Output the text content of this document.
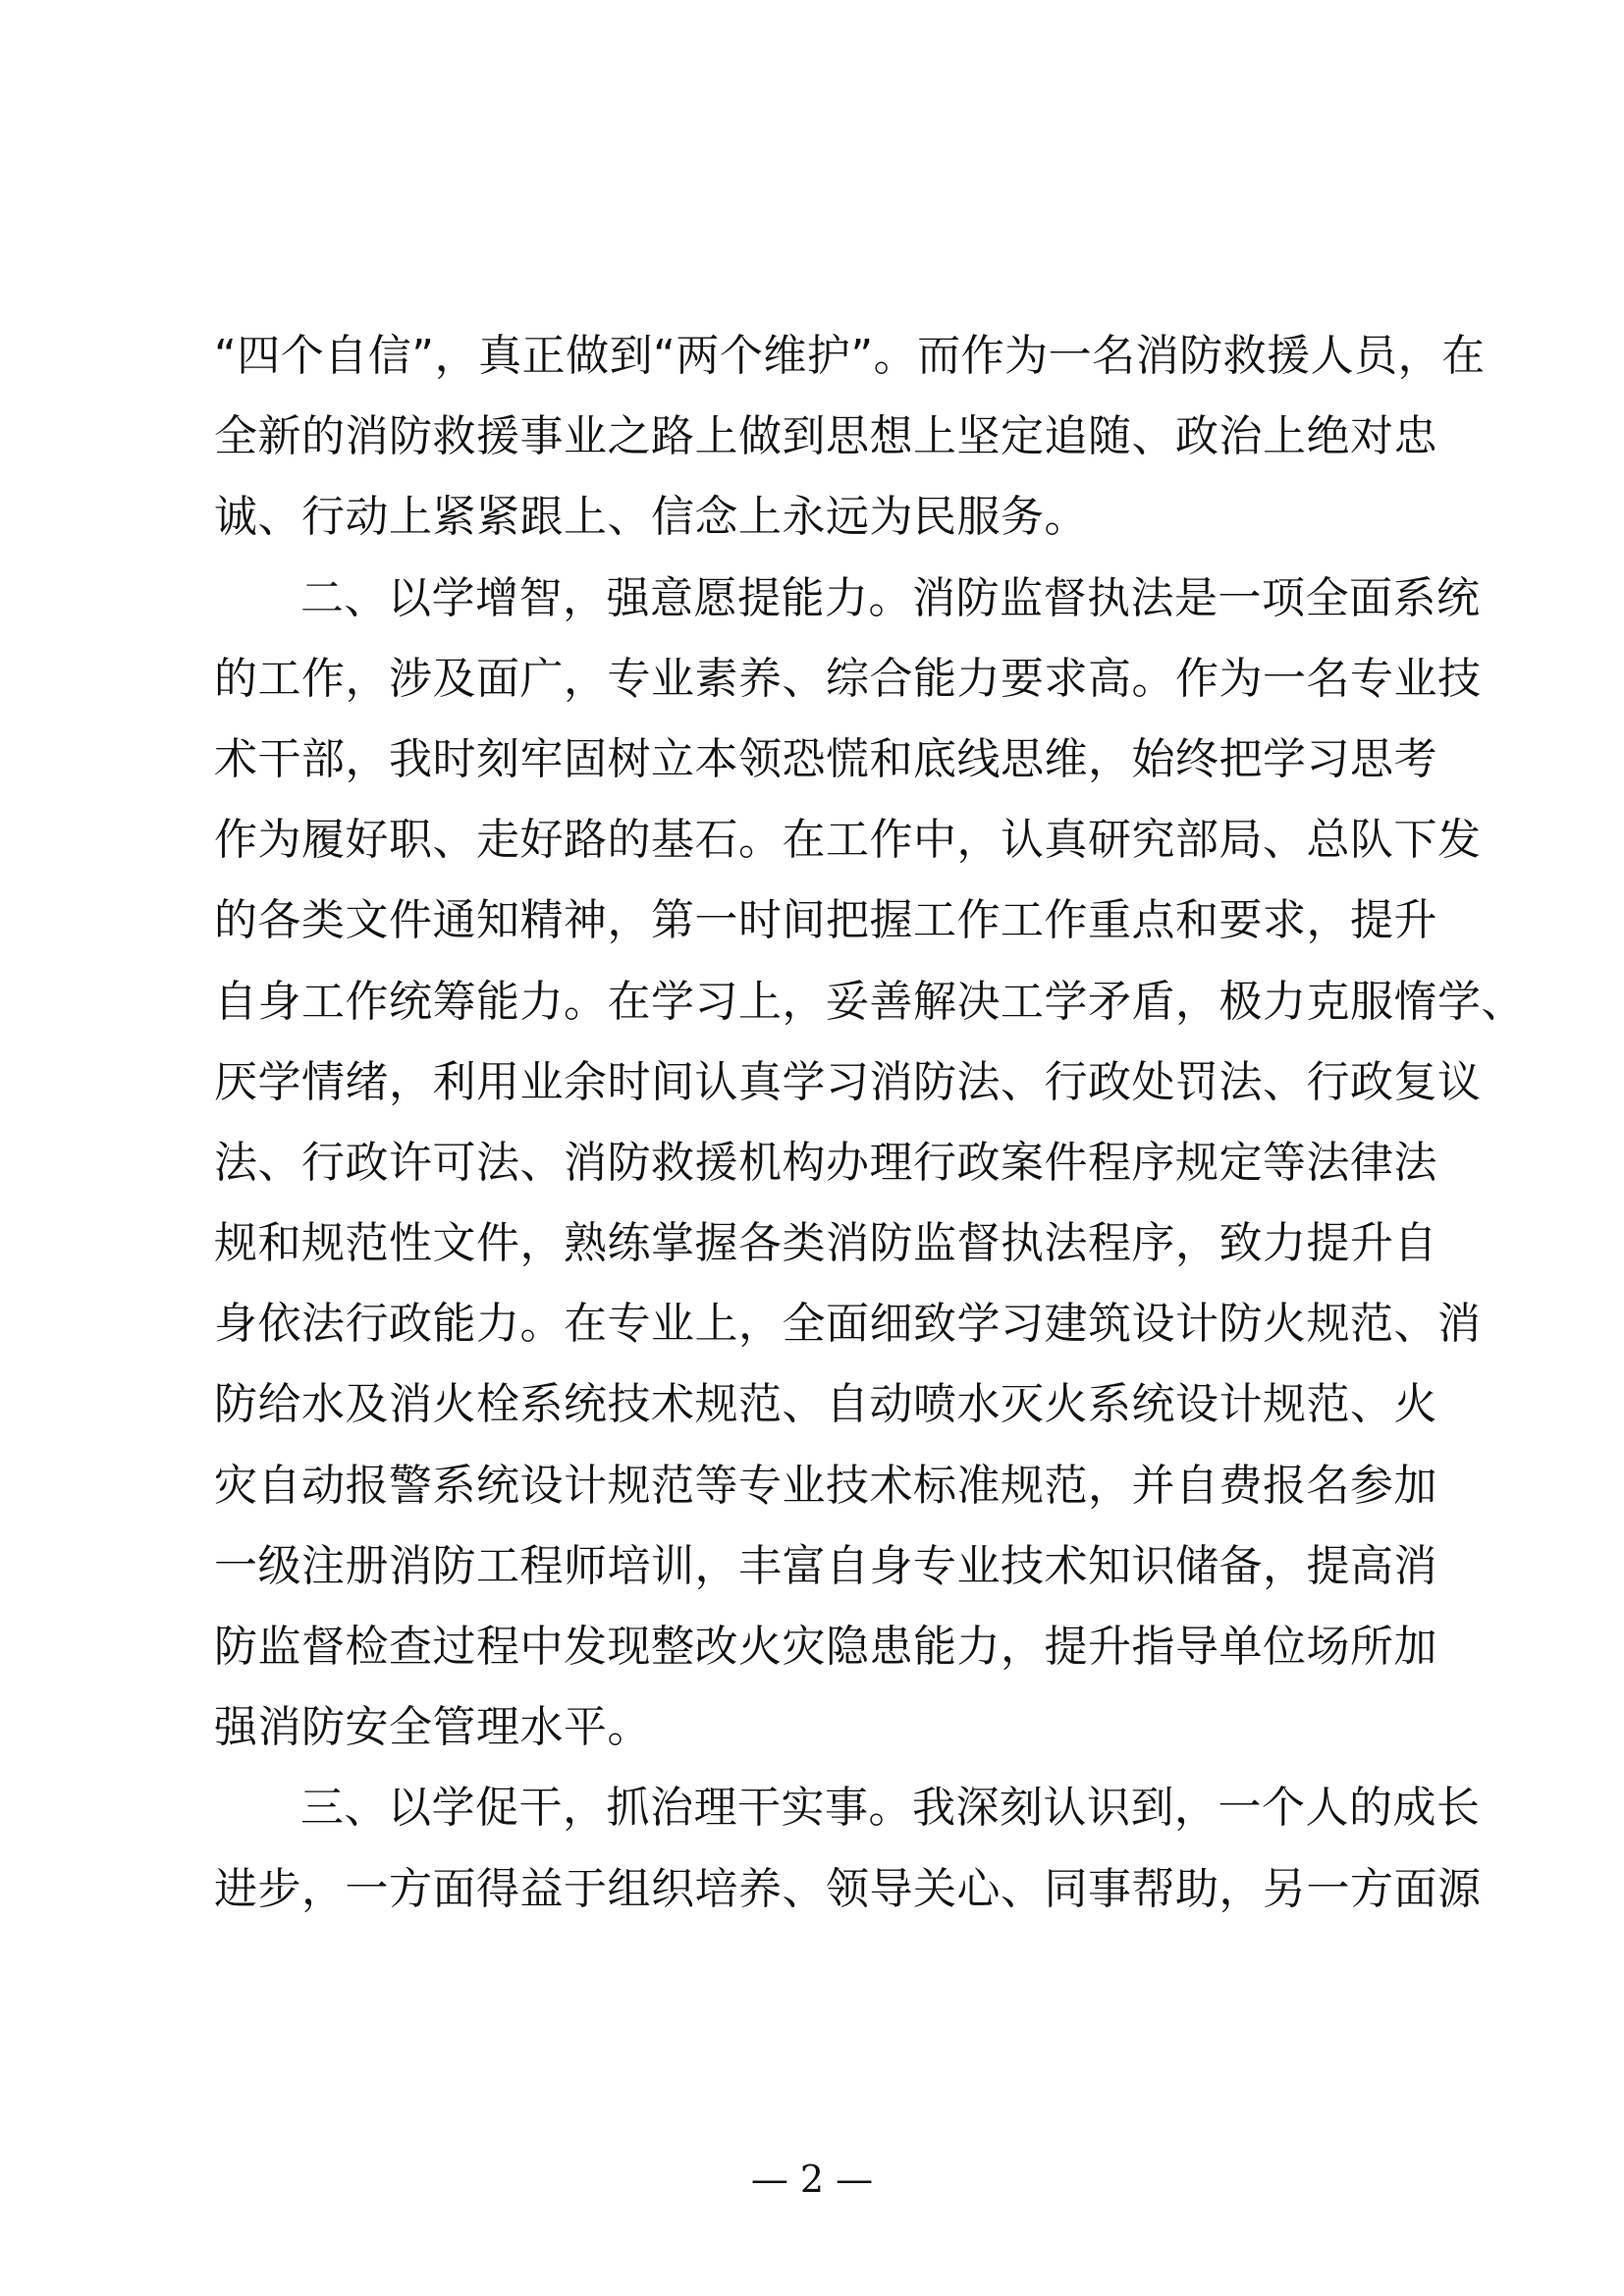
“四个自信”，真正做到“两个维护”。而作为一名消防救援人员，在
全新的消防救援事业之路上做到思想上坚定追随、政治上绝对忠
诚、行动上紧紧跟上、信念上永远为民服务。
二、以学增智，强意愿提能力。消防监督执法是一项全面系统
的工作，涉及面广，专业素养、综合能力要求高。作为一名专业技
术干部，我时刻牢固树立本领恐慌和底线思维，始终把学习思考
作为履好职、走好路的基石。在工作中，认真研究部局、总队下发
的各类文件通知精神，第一时间把握工作工作重点和要求，提升
自身工作统筹能力。在学习上，妥善解决工学矛盾，极力克服惰学、
厌学情绪，利用业余时间认真学习消防法、行政处罚法、行政复议
法、行政许可法、消防救援机构办理行政案件程序规定等法律法
规和规范性文件，熟练掌握各类消防监督执法程序，致力提升自
身依法行政能力。在专业上，全面细致学习建筑设计防火规范、消
防给水及消火栓系统技术规范、自动喷水灭火系统设计规范、火
灾自动报警系统设计规范等专业技术标准规范，并自费报名参加
一级注册消防工程师培训，丰富自身专业技术知识储备，提高消
防监督检查过程中发现整改火灾隐患能力，提升指导单位场所加
强消防安全管理水平。
三、以学促干，抓治理干实事。我深刻认识到，一个人的成长
进步，一方面得益于组织培养、领导关心、同事帮助，另一方面源
— 2 —
